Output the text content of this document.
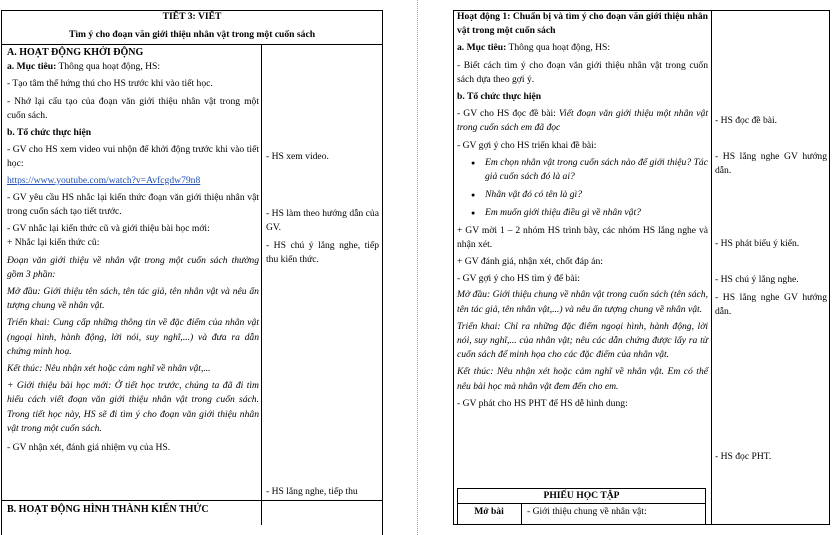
TIẾT 3: VIẾT

Tìm ý cho đoạn văn giới thiệu nhân vật trong một cuốn sách

A. HOẠT ĐỘNG KHỞI ĐỘNG

a. Mục tiêu: Thông qua hoạt động, HS:

- Tạo tâm thế hứng thú cho HS trước khi vào tiết học.

- Nhớ lại cấu tạo của đoạn văn giới thiệu nhân vật trong một cuốn sách.

b. Tổ chức thực hiện

- GV cho HS xem video vui nhộn để khởi động trước khi vào tiết học:

https://www.youtube.com/watch?v=Avfcgdw79n8

- GV yêu cầu HS nhắc lại kiến thức đoạn văn giới thiệu nhân vật trong cuốn sách tạo tiết trước.

- GV nhắc lại kiến thức cũ và giới thiệu bài học mới:

+ Nhắc lại kiến thức cũ:

Đoạn văn giới thiệu về nhân vật trong một cuốn sách thường gồm 3 phần:

Mở đầu: Giới thiệu tên sách, tên tác giả, tên nhân vật và nêu ấn tượng chung về nhân vật.

Triển khai: Cung cấp những thông tin về đặc điểm của nhân vật (ngoại hình, hành động, lời nói, suy nghĩ,...) và đưa ra dẫn chứng minh hoạ.

Kết thúc: Nêu nhận xét hoặc cảm nghĩ về nhân vật,...

+ Giới thiệu bài học mới: Ở tiết học trước, chúng ta đã đi tìm hiểu cách viết đoạn văn giới thiệu nhân vật trong cuốn sách. Trong tiết học này, HS sẽ đi tìm ý cho đoạn văn giới thiệu nhân vật trong một cuốn sách.

- GV nhận xét, đánh giá nhiệm vụ của HS.

- HS xem video.

- HS làm theo hướng dẫn của GV.

- HS chú ý lắng nghe, tiếp thu kiến thức.

- HS lắng nghe, tiếp thu

B. HOẠT ĐỘNG HÌNH THÀNH KIẾN THỨC

Hoạt động 1: Chuẩn bị và tìm ý cho đoạn văn giới thiệu nhân vật trong một cuốn sách

a. Mục tiêu: Thông qua hoạt động, HS:

- Biết cách tìm ý cho đoạn văn giới thiệu nhân vật trong cuốn sách dựa theo gợi ý.

b. Tổ chức thực hiện

- GV cho HS đọc đề bài: Viết đoạn văn giới thiệu một nhân vật trong cuốn sách em đã đọc

- GV gợi ý cho HS triển khai đề bài:

● Em chọn nhân vật trong cuốn sách nào để giới thiệu? Tác giả cuốn sách đó là ai?
● Nhân vật đó có tên là gì?
● Em muốn giới thiệu điều gì về nhân vật?

+ GV mời 1 – 2 nhóm HS trình bày, các nhóm HS lắng nghe và nhận xét.

+ GV đánh giá, nhận xét, chốt đáp án:

- GV gợi ý cho HS tìm ý để bài:

Mở đầu: Giới thiệu chung về nhân vật trong cuốn sách (tên sách, tên tác giả, tên nhân vật,...) và nêu ấn tượng chung về nhân vật.

Triển khai: Chỉ ra những đặc điểm ngoại hình, hành động, lời nói, suy nghĩ,... của nhân vật; nêu các dẫn chứng được lấy ra từ cuốn sách để minh họa cho các đặc điểm của nhân vật.

Kết thúc: Nêu nhận xét hoặc cảm nghĩ về nhân vật. Em có thể nêu bài học mà nhân vật đem đến cho em.

- GV phát cho HS PHT để HS dễ hình dung:

PHIẾU HỌC TẬP
Mở bài	- Giới thiệu chung về nhân vật:
- HS đọc đề bài.
- HS lắng nghe GV hướng dẫn.
- HS phát biểu ý kiến.
- HS chú ý lắng nghe.
- HS lắng nghe GV hướng dẫn.
- HS đọc PHT.
